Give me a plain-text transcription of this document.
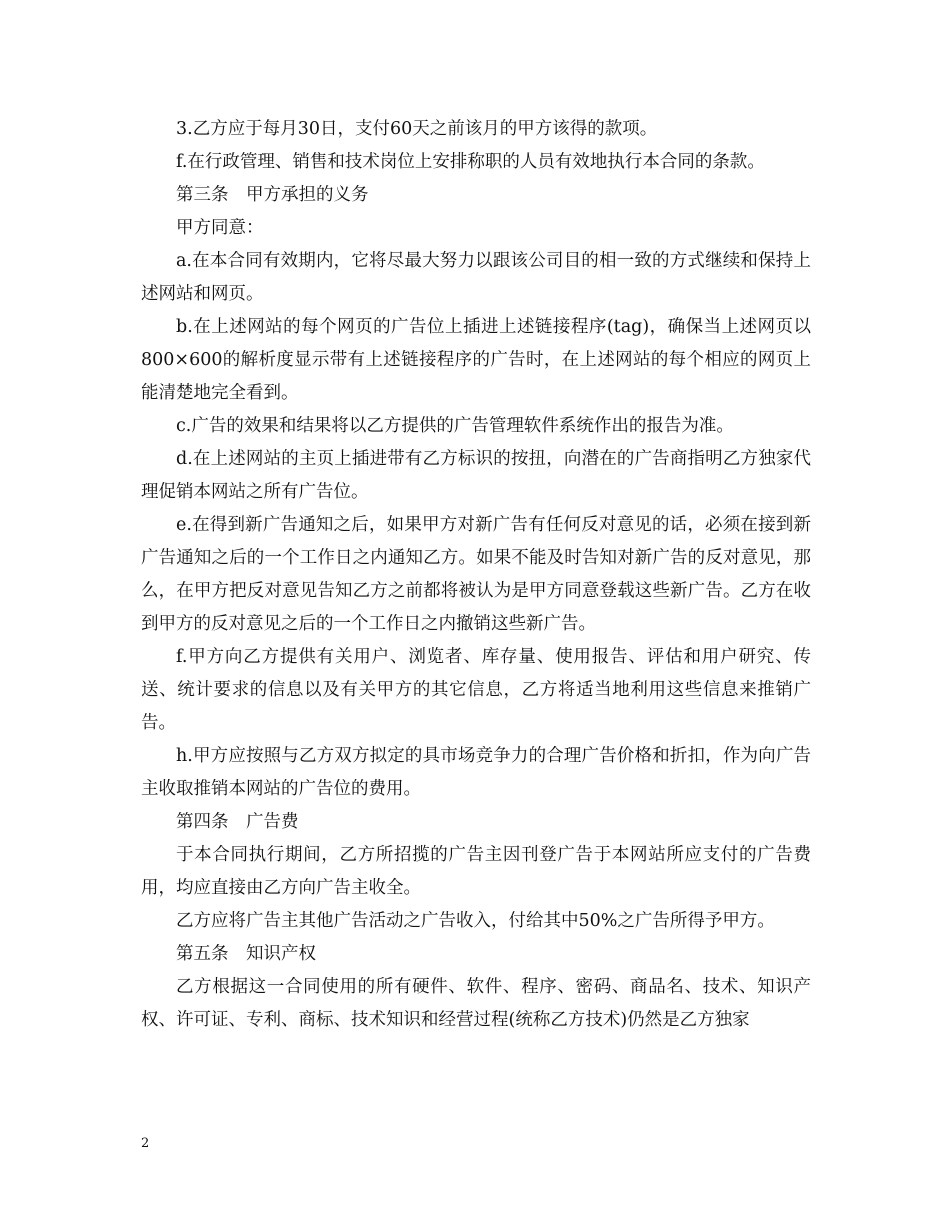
3.乙方应于每月30日，支付60天之前该月的甲方该得的款项。

f.在行政管理、销售和技术岗位上安排称职的人员有效地执行本合同的条款。

第三条　甲方承担的义务

甲方同意：

a.在本合同有效期内，它将尽最大努力以跟该公司目的相一致的方式继续和保持上述网站和网页。

b.在上述网站的每个网页的广告位上插进上述链接程序(tag)，确保当上述网页以800×600的解析度显示带有上述链接程序的广告时，在上述网站的每个相应的网页上能清楚地完全看到。

c.广告的效果和结果将以乙方提供的广告管理软件系统作出的报告为准。

d.在上述网站的主页上插进带有乙方标识的按扭，向潜在的广告商指明乙方独家代理促销本网站之所有广告位。

e.在得到新广告通知之后，如果甲方对新广告有任何反对意见的话，必须在接到新广告通知之后的一个工作日之内通知乙方。如果不能及时告知对新广告的反对意见，那么，在甲方把反对意见告知乙方之前都将被认为是甲方同意登载这些新广告。乙方在收到甲方的反对意见之后的一个工作日之内撤销这些新广告。

f.甲方向乙方提供有关用户、浏览者、库存量、使用报告、评估和用户研究、传送、统计要求的信息以及有关甲方的其它信息，乙方将适当地利用这些信息来推销广告。

h.甲方应按照与乙方双方拟定的具市场竞争力的合理广告价格和折扣，作为向广告主收取推销本网站的广告位的费用。

第四条　广告费

于本合同执行期间，乙方所招揽的广告主因刊登广告于本网站所应支付的广告费用，均应直接由乙方向广告主收全。

乙方应将广告主其他广告活动之广告收入，付给其中50%之广告所得予甲方。

第五条　知识产权

乙方根据这一合同使用的所有硬件、软件、程序、密码、商品名、技术、知识产权、许可证、专利、商标、技术知识和经营过程(统称乙方技术)仍然是乙方独家

2
